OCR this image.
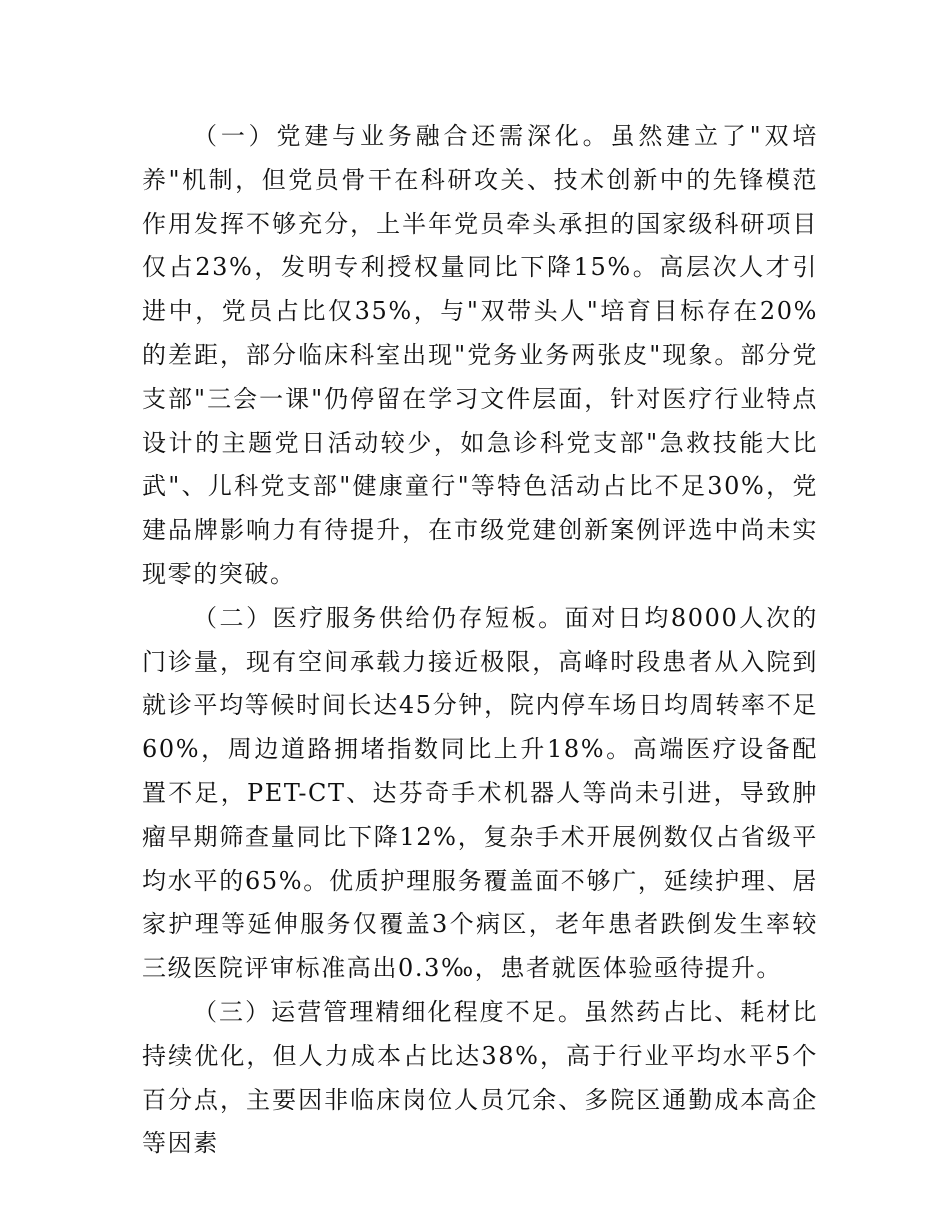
（一）党建与业务融合还需深化。虽然建立了"双培养"机制，但党员骨干在科研攻关、技术创新中的先锋模范作用发挥不够充分，上半年党员牵头承担的国家级科研项目仅占23%，发明专利授权量同比下降15%。高层次人才引进中，党员占比仅35%，与"双带头人"培育目标存在20%的差距，部分临床科室出现"党务业务两张皮"现象。部分党支部"三会一课"仍停留在学习文件层面，针对医疗行业特点设计的主题党日活动较少，如急诊科党支部"急救技能大比武"、儿科党支部"健康童行"等特色活动占比不足30%，党建品牌影响力有待提升，在市级党建创新案例评选中尚未实现零的突破。

（二）医疗服务供给仍存短板。面对日均8000人次的门诊量，现有空间承载力接近极限，高峰时段患者从入院到就诊平均等候时间长达45分钟，院内停车场日均周转率不足60%，周边道路拥堵指数同比上升18%。高端医疗设备配置不足，PET-CT、达芬奇手术机器人等尚未引进，导致肿瘤早期筛查量同比下降12%，复杂手术开展例数仅占省级平均水平的65%。优质护理服务覆盖面不够广，延续护理、居家护理等延伸服务仅覆盖3个病区，老年患者跌倒发生率较三级医院评审标准高出0.3‰，患者就医体验亟待提升。

（三）运营管理精细化程度不足。虽然药占比、耗材比持续优化，但人力成本占比达38%，高于行业平均水平5个百分点，主要因非临床岗位人员冗余、多院区通勤成本高企等因素
